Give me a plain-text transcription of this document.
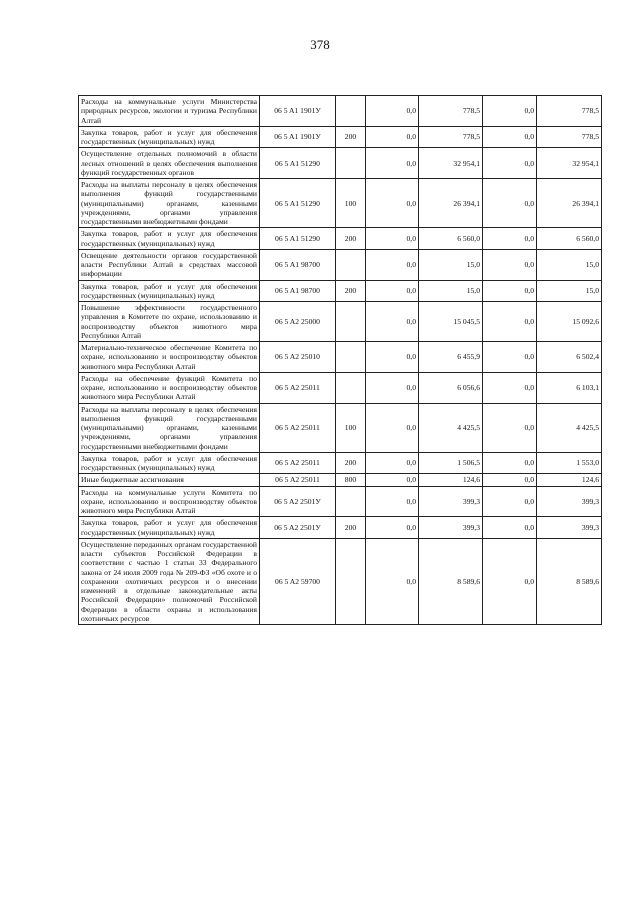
378
Расходы на коммунальные услуги Министерства природных ресурсов, экологии и туризма Республики Алтай	06 5 A1 1901У		0,0	778,5	0,0	778,5
Закупка товаров, работ и услуг для обеспечения государственных (муниципальных) нужд	06 5 A1 1901У	200	0,0	778,5	0,0	778,5
Осуществление отдельных полномочий в области лесных отношений в целях обеспечения выполнения функций государственных органов	06 5 A1 51290		0,0	32 954,1	0,0	32 954,1
Расходы на выплаты персоналу в целях обеспечения выполнения функций государственными (муниципальными) органами, казенными учреждениями, органами управления государственными внебюджетными фондами	06 5 A1 51290	100	0,0	26 394,1	0,0	26 394,1
Закупка товаров, работ и услуг для обеспечения государственных (муниципальных) нужд	06 5 A1 51290	200	0,0	6 560,0	0,0	6 560,0
Освещение деятельности органов государственной власти Республики Алтай в средствах массовой информации	06 5 A1 98700		0,0	15,0	0,0	15,0
Закупка товаров, работ и услуг для обеспечения государственных (муниципальных) нужд	06 5 A1 98700	200	0,0	15,0	0,0	15,0
Повышение эффективности государственного управления в Комитете по охране, использованию и воспроизводству объектов животного мира Республики Алтай	06 5 A2 25000		0,0	15 045,5	0,0	15 092,6
Материально-техническое обеспечение Комитета по охране, использованию и воспроизводству объектов животного мира Республики Алтай	06 5 A2 25010		0,0	6 455,9	0,0	6 502,4
Расходы на обеспечение функций Комитета по охране, использованию и воспроизводству объектов животного мира Республики Алтай	06 5 A2 25011		0,0	6 056,6	0,0	6 103,1
Расходы на выплаты персоналу в целях обеспечения выполнения функций государственными (муниципальными) органами, казенными учреждениями, органами управления государственными внебюджетными фондами	06 5 A2 25011	100	0,0	4 425,5	0,0	4 425,5
Закупка товаров, работ и услуг для обеспечения государственных (муниципальных) нужд	06 5 A2 25011	200	0,0	1 506,5	0,0	1 553,0
Иные бюджетные ассигнования	06 5 A2 25011	800	0,0	124,6	0,0	124,6
Расходы на коммунальные услуги Комитета по охране, использованию и воспроизводству объектов животного мира Республики Алтай	06 5 A2 2501У		0,0	399,3	0,0	399,3
Закупка товаров, работ и услуг для обеспечения государственных (муниципальных) нужд	06 5 A2 2501У	200	0,0	399,3	0,0	399,3
Осуществление переданных органам государственной власти субъектов Российской Федерации в соответствии с частью 1 статьи 33 Федерального закона от 24 июля 2009 года № 209-ФЗ «Об охоте и о сохранении охотничьих ресурсов и о внесении изменений в отдельные законодательные акты Российской Федерации» полномочий Российской Федерации в области охраны и использования охотничьих ресурсов	06 5 A2 59700		0,0	8 589,6	0,0	8 589,6
